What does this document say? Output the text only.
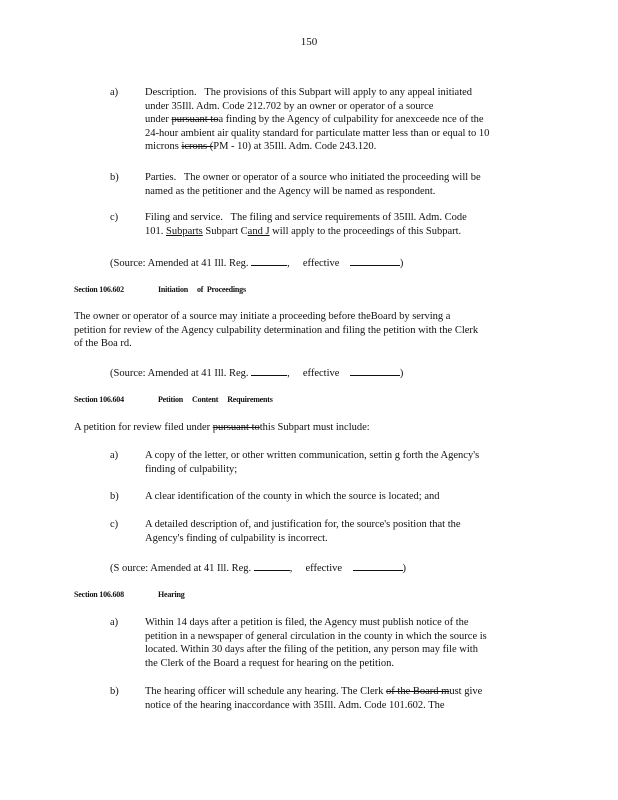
150
a)	Description. The provisions of this Subpart will apply to any appeal initiated
under 35Ill. Adm. Code 212.702 by an owner or operator of a source
under pursuant toa finding by the Agency of culpability for anexceede nce of the
24-hour ambient air quality standard for particulate matter less than or equal to 10
microns icrons (PM - 10) at 35Ill. Adm. Code 243.120.
b)	Parties. The owner or operator of a source who initiated the proceeding will be
named as the petitioner and the Agency will be named as respondent.
c)	Filing and service. The filing and service requirements of 35Ill. Adm. Code
101. Subparts Subpart Cand J will apply to the proceedings of this Subpart.
(Source: Amended at 41 Ill. Reg.	, effective	)
Section 106.602	Initiation     of  Proceedings
The owner or operator of a source may initiate a proceeding before theBoard by serving a
petition for review of the Agency culpability determination and filing the petition with the Clerk
of the Boa rd.
(Source: Amended at 41 Ill. Reg.	, effective	)
Section 106.604	Petition     Content     Requirements
A petition for review filed under pursuant tothis Subpart must include:
a)	A copy of the letter, or other written communication, settin g forth the Agency's
finding of culpability;
b)	A clear identification of the county in which the source is located; and
c)	A detailed description of, and justification for, the source's position that the
Agency's finding of culpability is incorrect.
(S ource: Amended at 41 Ill. Reg.	, effective	)
Section 106.608	Hearing
a)	Within 14 days after a petition is filed, the Agency must publish notice of the
petition in a newspaper of general circulation in the county in which the source is
located. Within 30 days after the filing of the petition, any person may file with
the Clerk of the Board a request for hearing on the petition.
b)	The hearing officer will schedule any hearing. The Clerk of the Board must give
notice of the hearing inaccordance with 35Ill. Adm. Code 101.602. The
